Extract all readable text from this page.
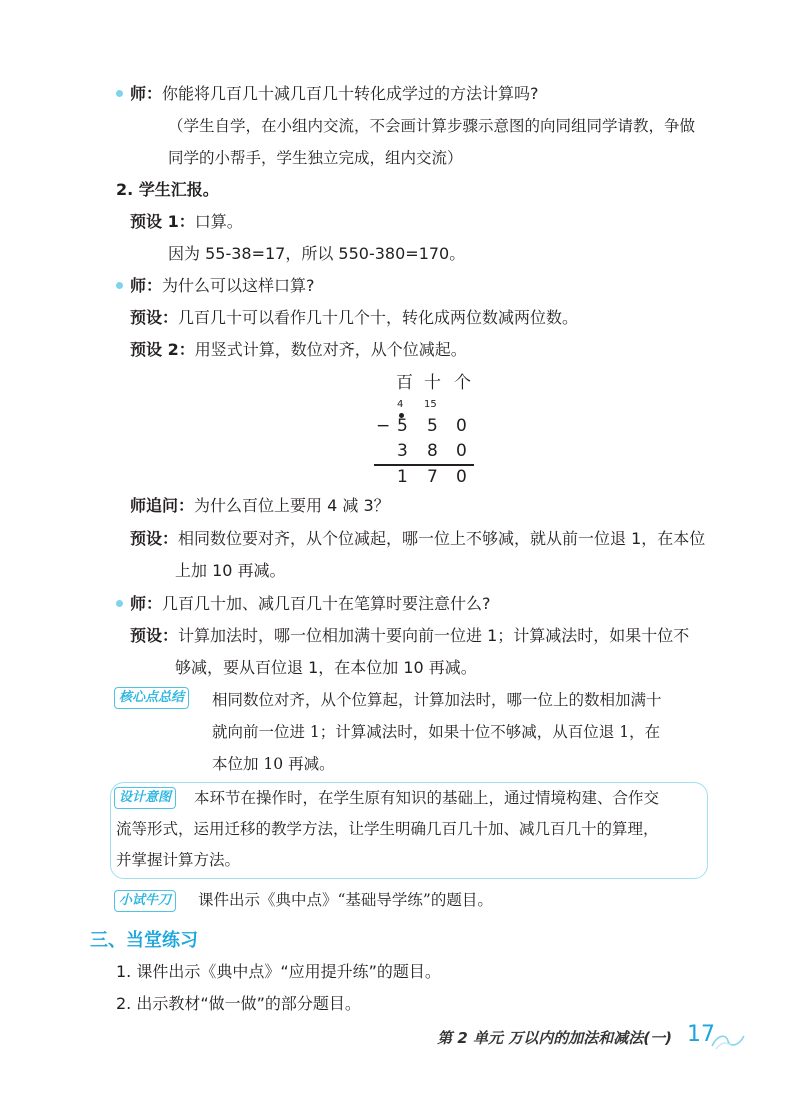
师：你能将几百几十减几百几十转化成学过的方法计算吗?
（学生自学，在小组内交流，不会画计算步骤示意图的向同组同学请教，争做
同学的小帮手，学生独立完成，组内交流）
2. 学生汇报。
预设 1：口算。
因为 55-38=17，所以 550-380=170。
师：为什么可以这样口算?
预设：几百几十可以看作几十几个十，转化成两位数减两位数。
预设 2：用竖式计算，数位对齐，从个位减起。
百 十 个
4 15
− 5 5 0
3 8 0
1 7 0
师追问：为什么百位上要用 4 减 3？
预设：相同数位要对齐，从个位减起，哪一位上不够减，就从前一位退 1，在本位
上加 10 再减。
师：几百几十加、减几百几十在笔算时要注意什么?
预设：计算加法时，哪一位相加满十要向前一位进 1；计算减法时，如果十位不
够减，要从百位退 1，在本位加 10 再减。
核心点总结	相同数位对齐，从个位算起，计算加法时，哪一位上的数相加满十
就向前一位进 1；计算减法时，如果十位不够减，从百位退 1，在
本位加 10 再减。
设计意图	本环节在操作时，在学生原有知识的基础上，通过情境构建、合作交
流等形式，运用迁移的教学方法，让学生明确几百几十加、减几百几十的算理，
并掌握计算方法。
小试牛刀	课件出示《典中点》“基础导学练”的题目。
三、当堂练习
1. 课件出示《典中点》“应用提升练”的题目。
2. 出示教材“做一做”的部分题目。
第 2 单元 万以内的加法和减法(一) 17
